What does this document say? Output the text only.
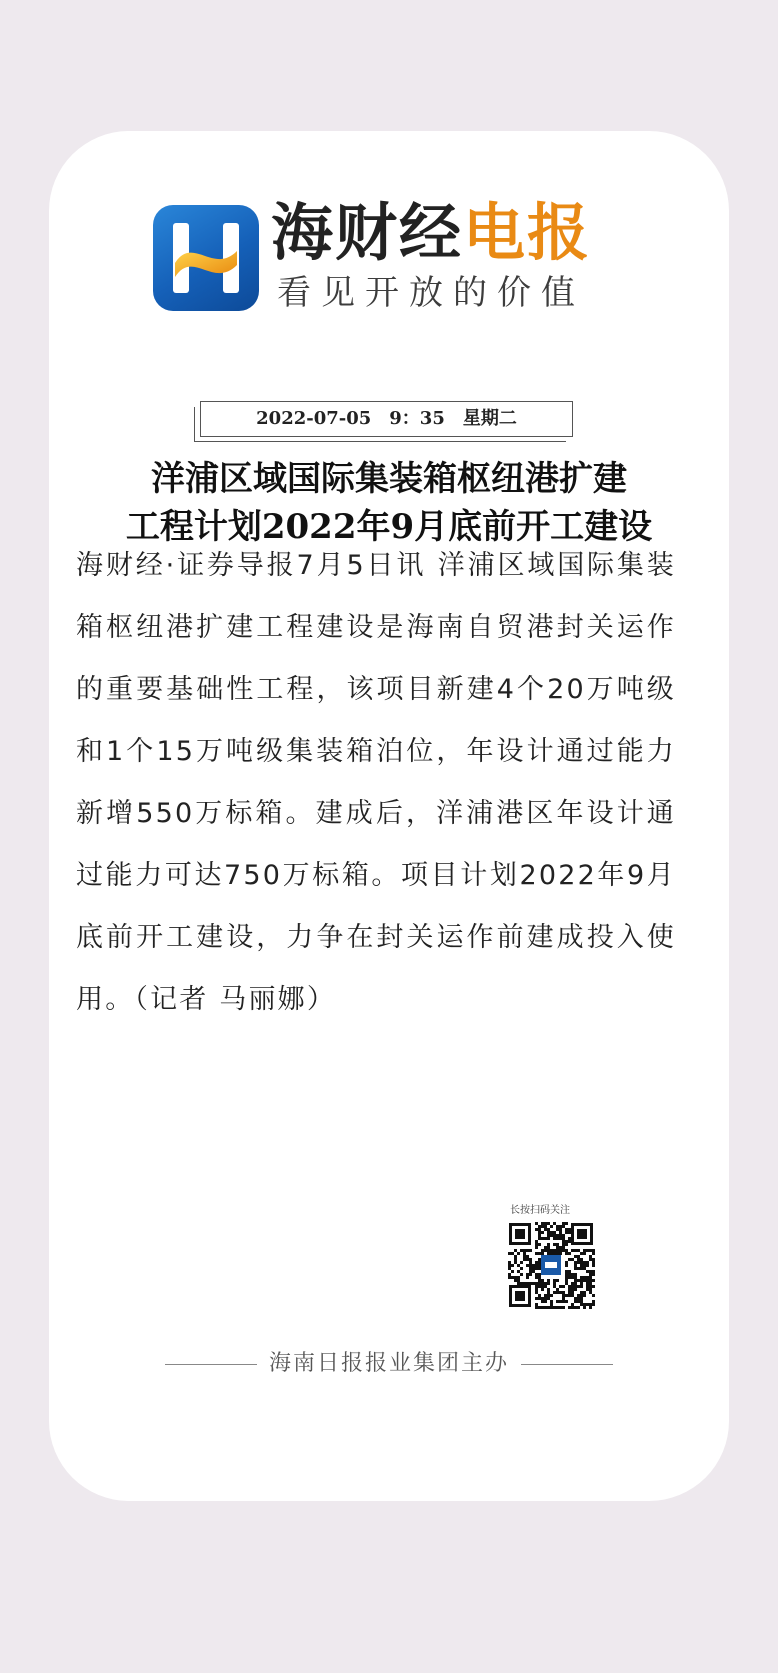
海财经电报
看见开放的价值
2022-07-05　9：35　星期二
洋浦区域国际集装箱枢纽港扩建
工程计划2022年9月底前开工建设
海财经·证券导报7月5日讯 洋浦区域国际集装箱枢纽港扩建工程建设是海南自贸港封关运作的重要基础性工程，该项目新建4个20万吨级和1个15万吨级集装箱泊位，年设计通过能力新增550万标箱。建成后，洋浦港区年设计通过能力可达750万标箱。项目计划2022年9月底前开工建设，力争在封关运作前建成投入使用。（记者 马丽娜）
长按扫码关注
海南日报报业集团主办
